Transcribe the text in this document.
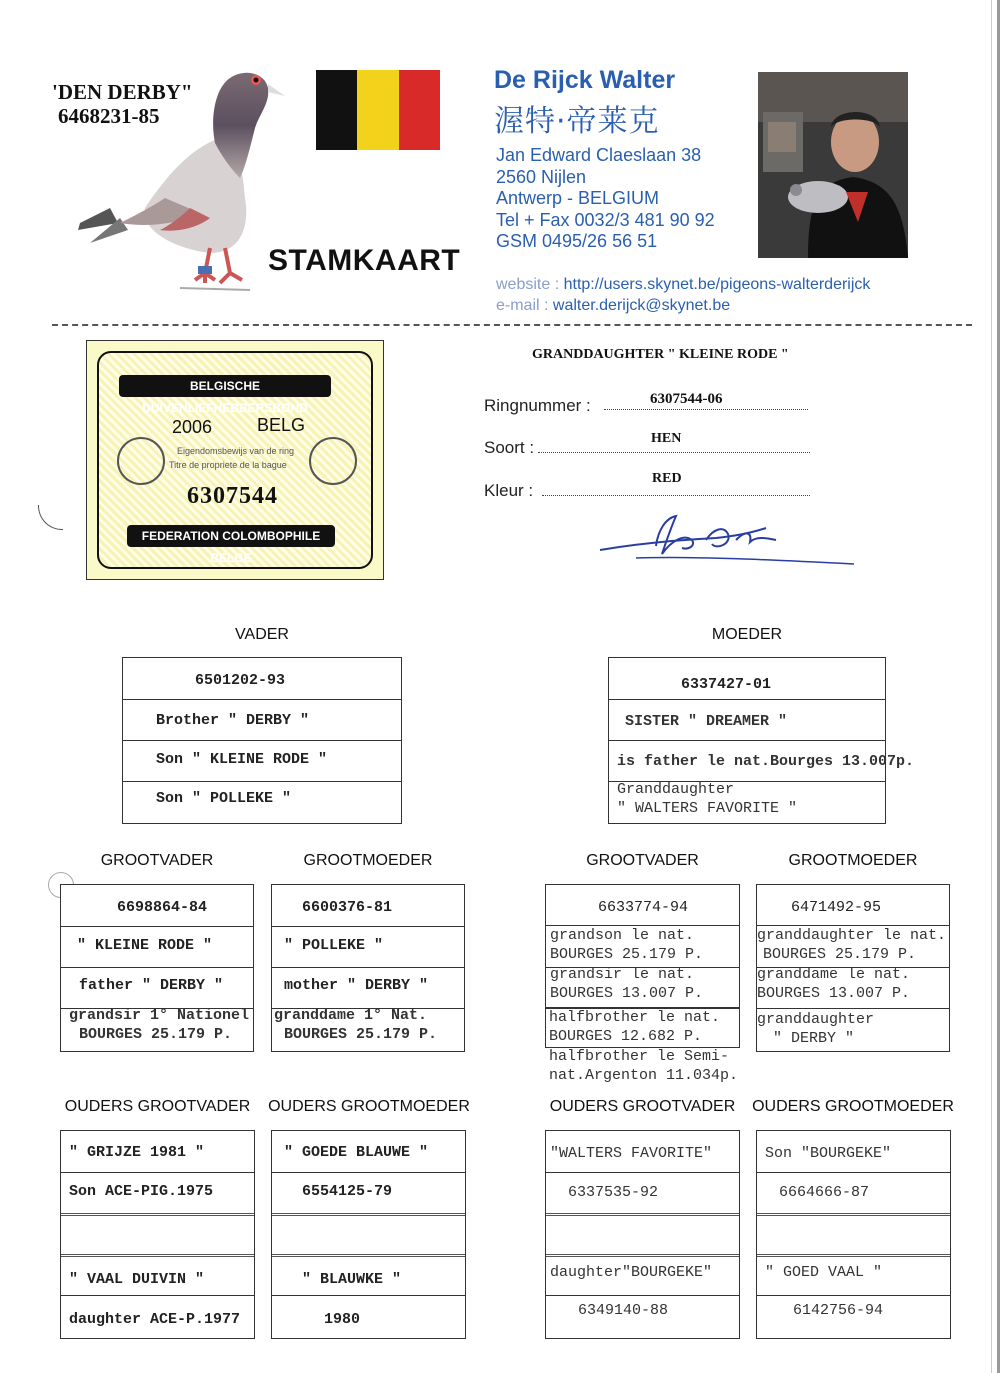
'DEN DERBY"
6468231-85
STAMKAART
De Rijck Walter
渥特·帝莱克
Jan Edward Claeslaan 38
2560 Nijlen
Antwerp - BELGIUM
Tel + Fax 0032/3 481 90 92
GSM 0495/26 56 51
website : http://users.skynet.be/pigeons-walterderijck
e-mail : walter.derijck@skynet.be
BELGISCHE DUIVENLIEFHEBBERSBOND
2006 BELG
Eigendomsbewijs van de ring
Titre de propriete de la bague
6307544
FEDERATION COLOMBOPHILE BELGE
GRANDDAUGHTER " KLEINE RODE "
Ringnummer :	6307544-06
Soort :	HEN
Kleur :
RED
VADER	MOEDER
6501202-93
Brother " DERBY "
Son " KLEINE RODE "
Son " POLLEKE "
6337427-01
SISTER " DREAMER "
is father le nat.Bourges 13.007p.
Granddaughter
" WALTERS FAVORITE "
GROOTVADER	GROOTMOEDER	GROOTVADER	GROOTMOEDER
6698864-84
" KLEINE RODE "
father " DERBY "
grandsir 1° Nationel
BOURGES 25.179 P.
6600376-81
" POLLEKE "
mother " DERBY "
granddame 1° Nat.
BOURGES 25.179 P.
6633774-94
grandson le nat.
BOURGES 25.179 P.
grandsir le nat.
BOURGES 13.007 P.
halfbrother le nat.
BOURGES 12.682 P.
halfbrother le Semi-
nat.Argenton 11.034p.
6471492-95
granddaughter le nat.
BOURGES 25.179 P.
granddame le nat.
BOURGES 13.007 P.
granddaughter
" DERBY "
OUDERS GROOTVADER OUDERS GROOTMOEDER	OUDERS GROOTVADER OUDERS GROOTMOEDER
" GRIJZE 1981 "
Son ACE-PIG.1975
" VAAL DUIVIN "
daughter ACE-P.1977
" GOEDE BLAUWE "
6554125-79
" BLAUWKE "
1980
"WALTERS FAVORITE"
6337535-92
daughter"BOURGEKE"
6349140-88
Son "BOURGEKE"
6664666-87
" GOED VAAL "
6142756-94
